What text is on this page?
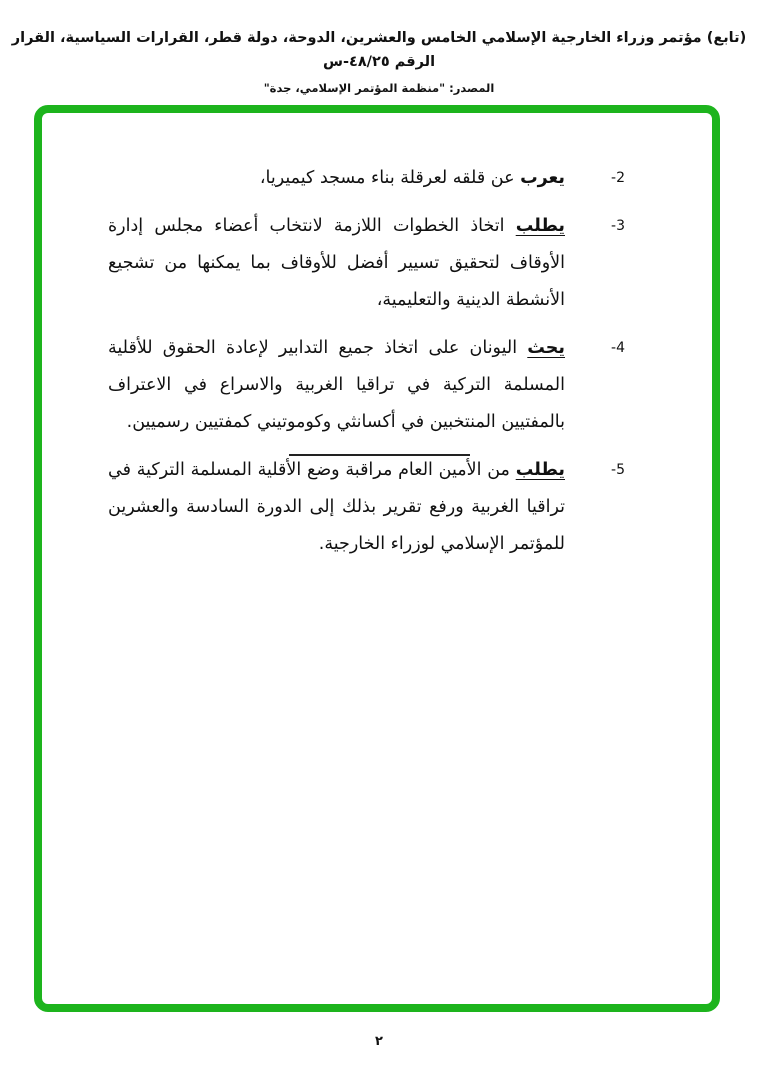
(تابع) مؤتمر وزراء الخارجية الإسلامي الخامس والعشرين، الدوحة، دولة قطر، القرارات السياسية، القرار الرقم ٤٨/٢٥-س
المصدر: "منظمة المؤتمر الإسلامي، جدة"
2-
يعرب عن قلقه لعرقلة بناء مسجد كيميريا،
3-
يطلب اتخاذ الخطوات اللازمة لانتخاب أعضاء مجلس إدارة الأوقاف لتحقيق تسيير أفضل للأوقاف بما يمكنها من تشجيع الأنشطة الدينية والتعليمية،
4-
يحث اليونان على اتخاذ جميع التدابير لإعادة الحقوق للأقلية المسلمة التركية في تراقيا الغربية والاسراع في الاعتراف بالمفتيين المنتخبين في أكسانثي وكوموتيني كمفتيين رسميين.
5-
يطلب من الأمين العام مراقبة وضع الأقلية المسلمة التركية في تراقيا الغربية ورفع تقرير بذلك إلى الدورة السادسة والعشرين للمؤتمر الإسلامي لوزراء الخارجية.
٢
